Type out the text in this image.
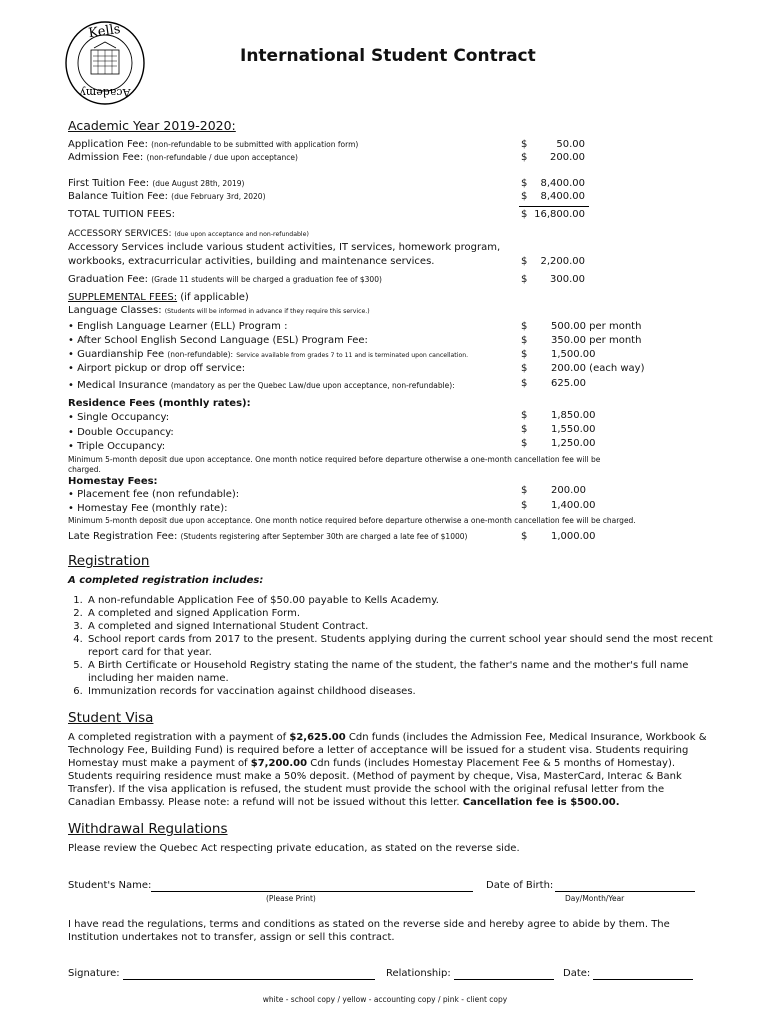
Kells
Academy
International Student Contract
Academic Year 2019-2020:
Application Fee: (non-refundable to be submitted with application form)	$	50.00
Admission Fee: (non-refundable / due upon acceptance)	$ 200.00
First Tuition Fee: (due August 28th, 2019)	$ 8,400.00
Balance Tuition Fee: (due February 3rd, 2020)	$ 8,400.00
TOTAL TUITION FEES:	$ 16,800.00
ACCESSORY SERVICES: (due upon acceptance and non-refundable)
Accessory Services include various student activities, IT services, homework program,
workbooks, extracurricular activities, building and maintenance services.	$ 2,200.00
Graduation Fee: (Grade 11 students will be charged a graduation fee of $300)	$ 300.00
SUPPLEMENTAL FEES: (if applicable)
Language Classes: (Students will be informed in advance if they require this service.)
• English Language Learner (ELL) Program :	$ 500.00 per month
• After School English Second Language (ESL) Program Fee:	$ 350.00 per month
• Guardianship Fee (non-refundable): Service available from grades 7 to 11 and is terminated upon cancellation.	$ 1,500.00
• Airport pickup or drop off service:	$ 200.00 (each way)
• Medical Insurance (mandatory as per the Quebec Law/due upon acceptance, non-refundable):	$ 625.00
Residence Fees (monthly rates):
• Single Occupancy:	$ 1,850.00
• Double Occupancy:	$ 1,550.00
• Triple Occupancy:	$ 1,250.00
Minimum 5-month deposit due upon acceptance. One month notice required before departure otherwise a one-month cancellation fee will be
charged.
Homestay Fees:
• Placement fee (non refundable):	$ 200.00
• Homestay Fee (monthly rate):	$ 1,400.00
Minimum 5-month deposit due upon acceptance. One month notice required before departure otherwise a one-month cancellation fee will be charged.
Late Registration Fee: (Students registering after September 30th are charged a late fee of $1000)	$ 1,000.00
Registration
A completed registration includes:
1. A non-refundable Application Fee of $50.00 payable to Kells Academy.
2. A completed and signed Application Form.
3. A completed and signed International Student Contract.
4. School report cards from 2017 to the present. Students applying during the current school year should send the most recent report card for that year.
5. A Birth Certificate or Household Registry stating the name of the student, the father's name and the mother's full name including her maiden name.
6. Immunization records for vaccination against childhood diseases.
Student Visa
A completed registration with a payment of $2,625.00 Cdn funds (includes the Admission Fee, Medical Insurance, Workbook & Technology Fee, Building Fund) is required before a letter of acceptance will be issued for a student visa. Students requiring Homestay must make a payment of $7,200.00 Cdn funds (includes Homestay Placement Fee & 5 months of Homestay). Students requiring residence must make a 50% deposit. (Method of payment by cheque, Visa, MasterCard, Interac & Bank Transfer). If the visa application is refused, the student must provide the school with the original refusal letter from the Canadian Embassy. Please note: a refund will not be issued without this letter. Cancellation fee is $500.00.
Withdrawal Regulations
Please review the Quebec Act respecting private education, as stated on the reverse side.
Student's Name:	Date of Birth:
(Please Print)	Day/Month/Year
I have read the regulations, terms and conditions as stated on the reverse side and hereby agree to abide by them. The Institution undertakes not to transfer, assign or sell this contract.
Signature:	Relationship:	Date:
white - school copy / yellow - accounting copy / pink - client copy
